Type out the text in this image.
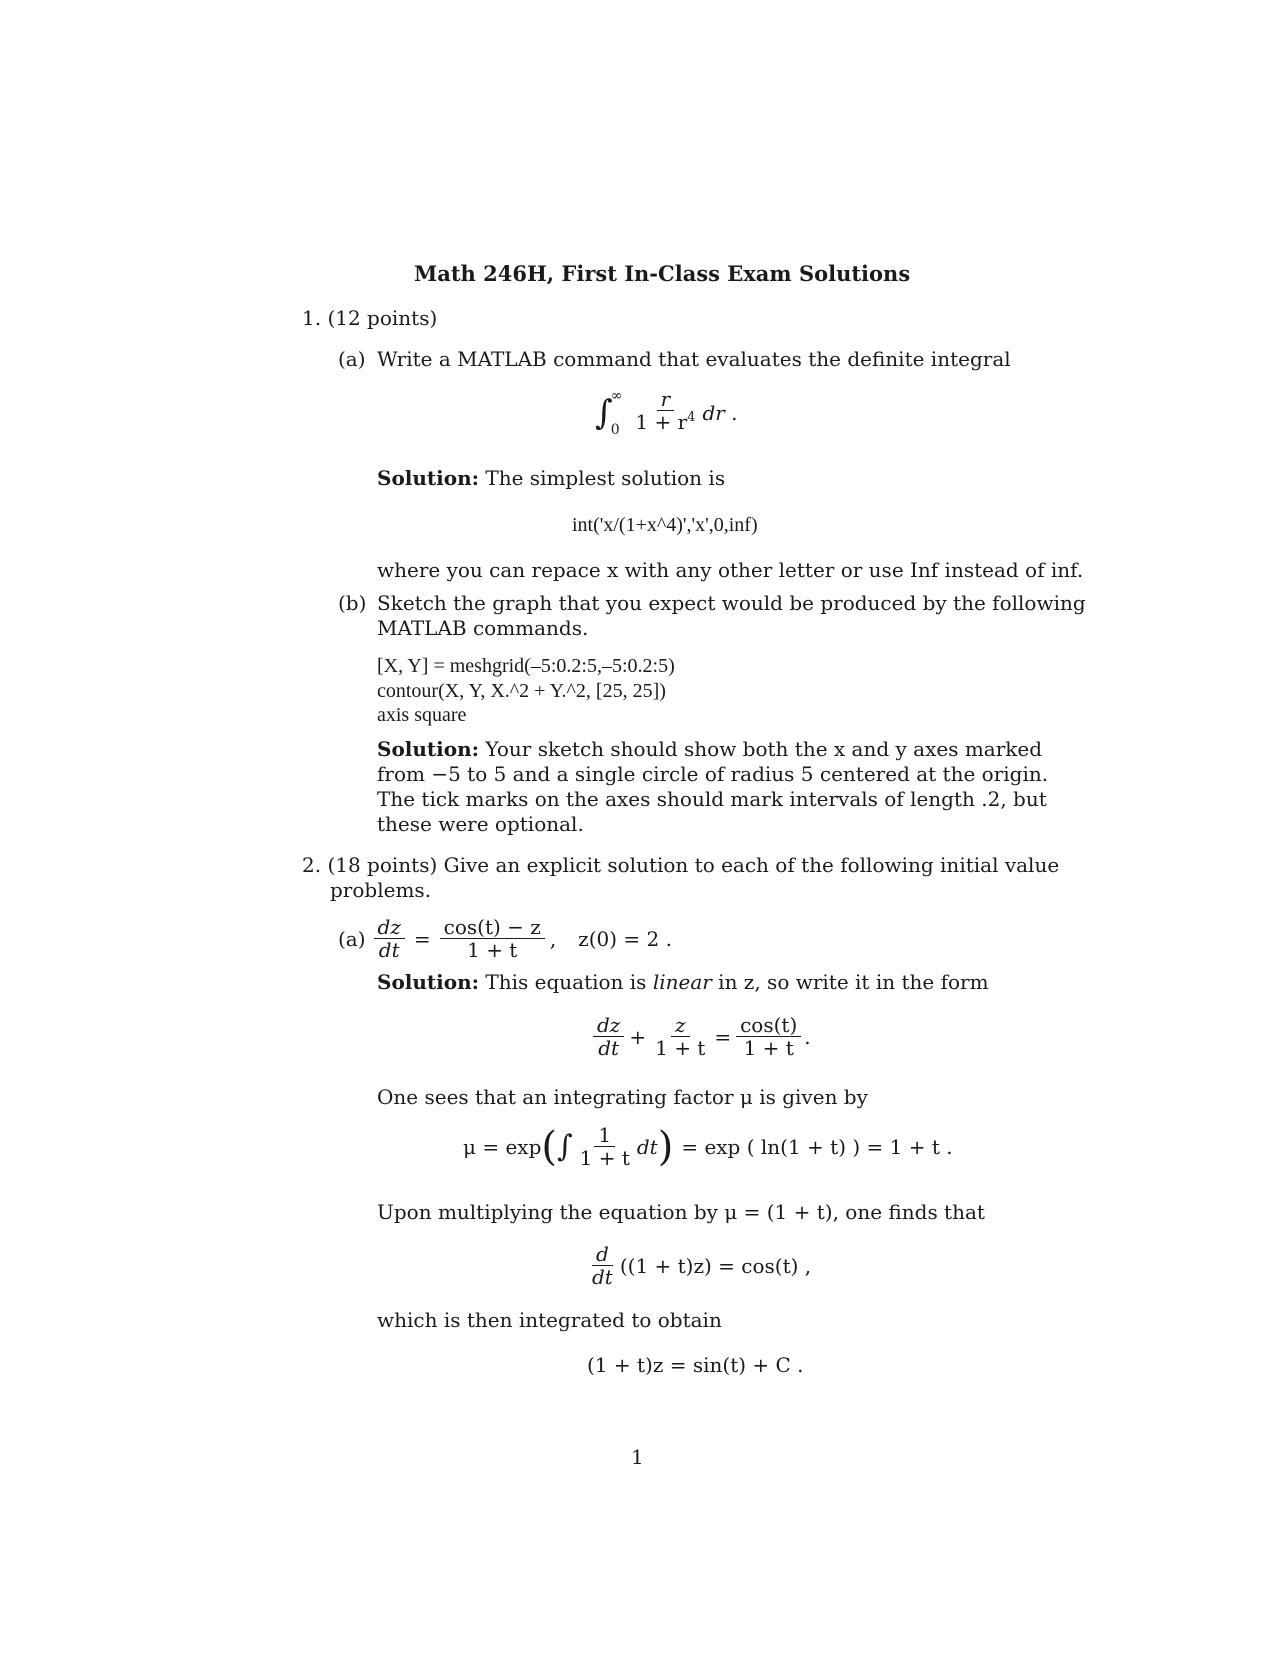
Math 246H, First In-Class Exam Solutions
1. (12 points)
(a) Write a MATLAB command that evaluates the definite integral
∫
∞
$0 \frac{r}{1 + r^4}$ dr .
Solution: The simplest solution is
int('x/(1+x^4)','x',0,inf)
where you can repace x with any other letter or use Inf instead of inf.
(b) Sketch the graph that you expect would be produced by the following
MATLAB commands.
[X, Y] = meshgrid(–5:0.2:5,–5:0.2:5)
contour(X, Y, X.^2 + Y.^2, [25, 25])
axis square
Solution: Your sketch should show both the x and y axes marked
from −5 to 5 and a single circle of radius 5 centered at the origin.
The tick marks on the axes should mark intervals of length .2, but
these were optional.
2. (18 points) Give an explicit solution to each of the following initial value
problems.
$(a) \frac{dz}{dt} = \frac{\cos(t) - z}{1 + t}$ , z(0) = 2 .
Solution: This equation is linear in z, so write it in the form
$\frac{dz}{dt} + \frac{z}{1 + t} = \frac{\cos(t)}{1 + t}$ .
One sees that an integrating factor μ is given by
μ = exp ( ∫ $\frac{1}{1 + t}$ dt ) = exp ( ln(1 + t) ) = 1 + t .
Upon multiplying the equation by μ = (1 + t), one finds that
$\frac{d}{dt} ((1 + t)z) = \cos(t)$ ,
which is then integrated to obtain
(1 + t)z = sin(t) + C .
1
